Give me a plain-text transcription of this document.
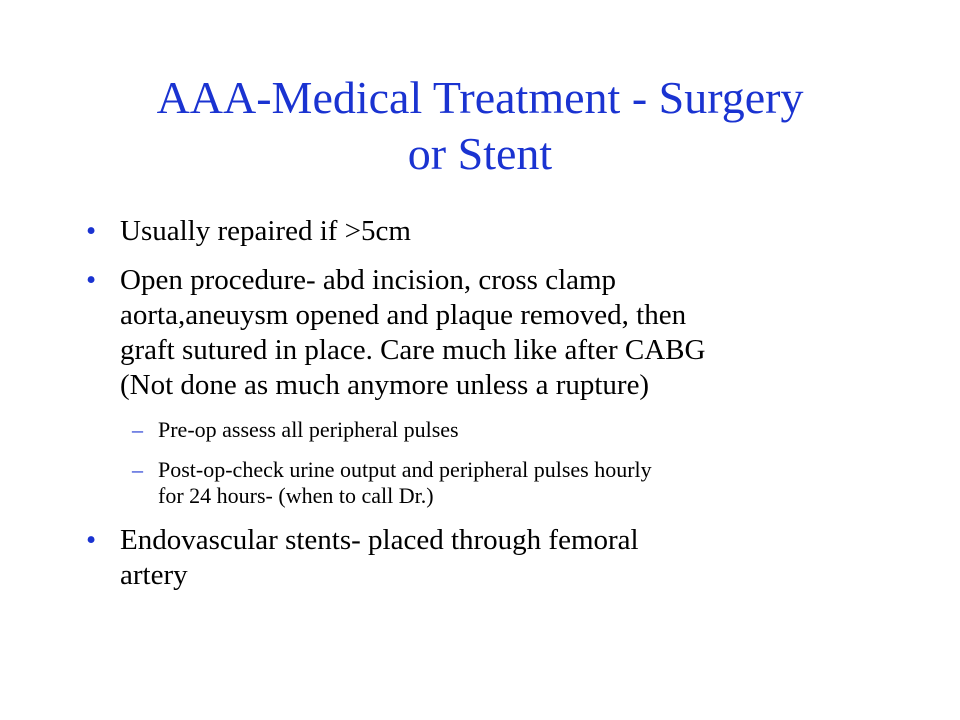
AAA-Medical Treatment - Surgery
or Stent
• Usually repaired if >5cm
• Open procedure- abd incision, cross clamp
aorta,aneuysm opened and plaque removed, then
graft sutured in place. Care much like after CABG
(Not done as much anymore unless a rupture)
– Pre-op assess all peripheral pulses
– Post-op-check urine output and peripheral pulses hourly
for 24 hours- (when to call Dr.)
• Endovascular stents- placed through femoral
artery
